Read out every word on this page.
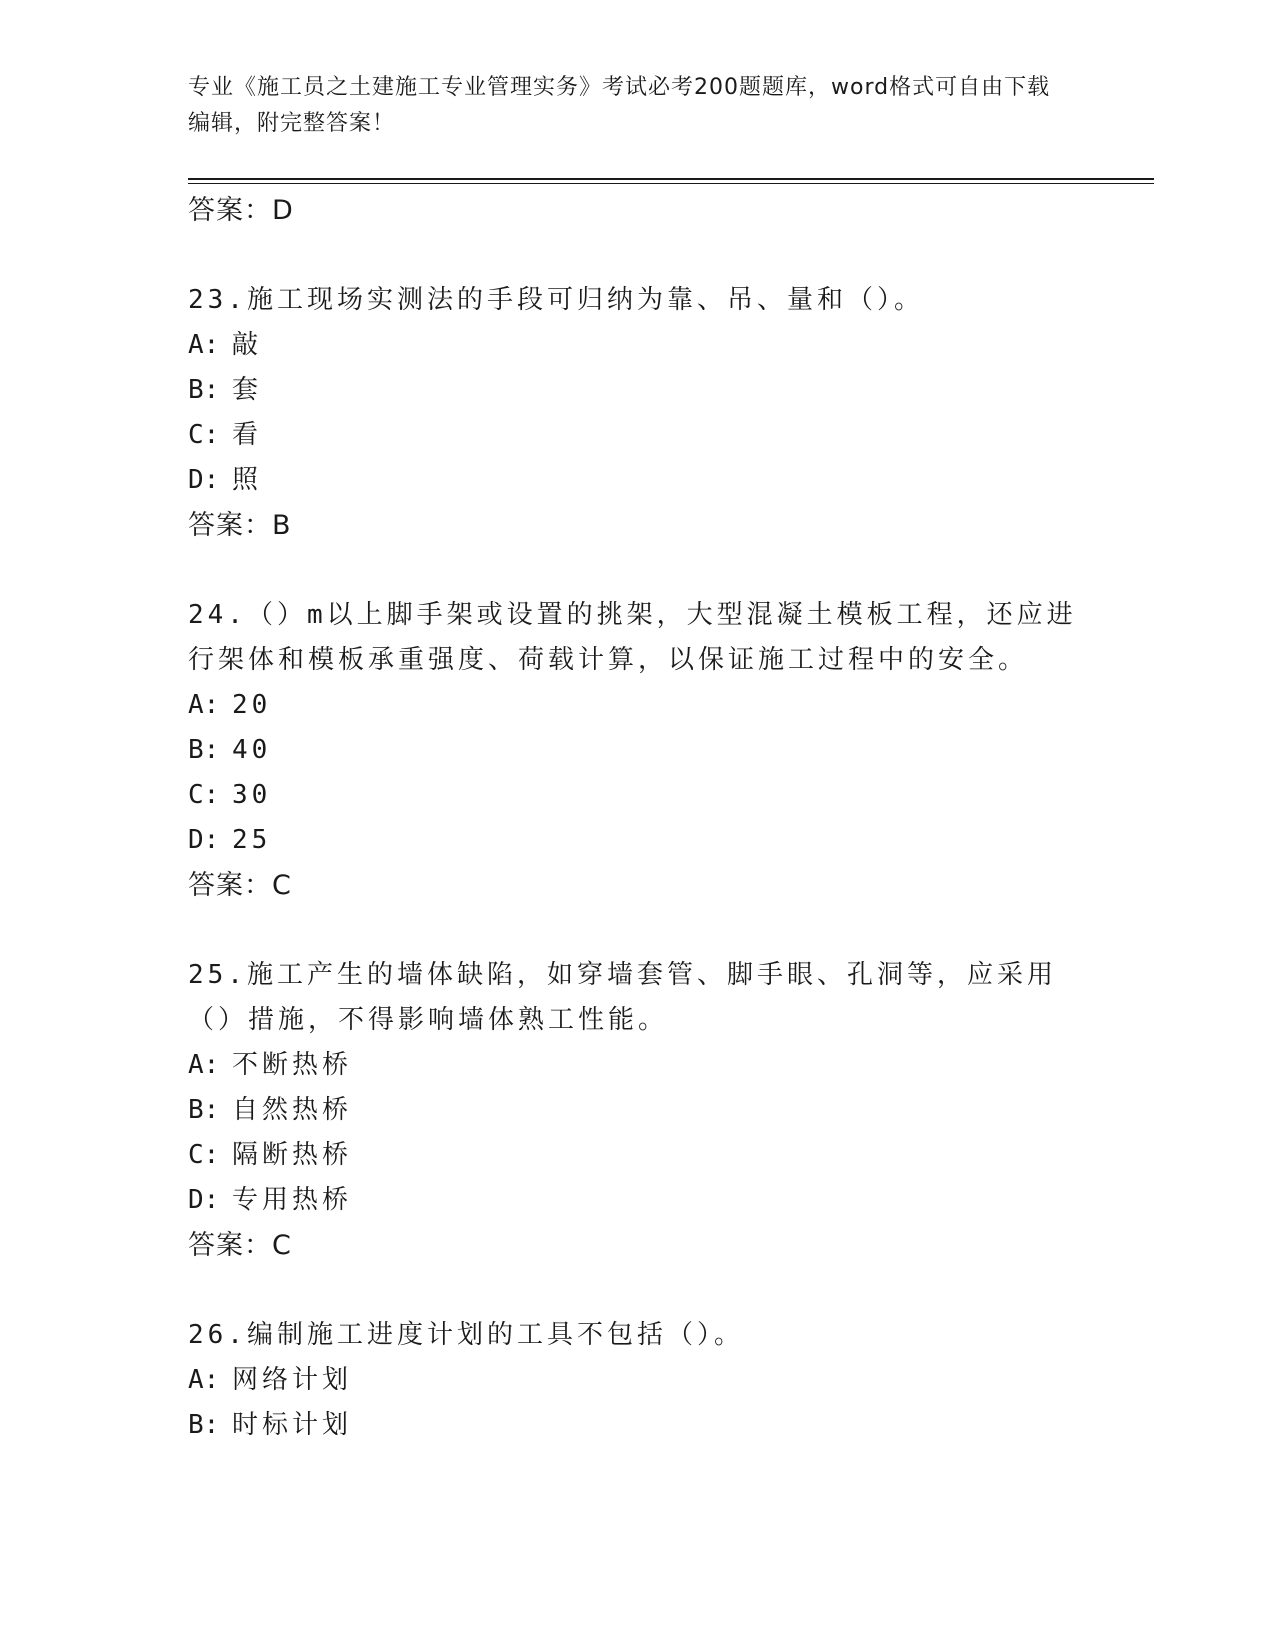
专业《施工员之土建施工专业管理实务》考试必考200题题库，word格式可自由下载编辑，附完整答案！
答案：D
23.施工现场实测法的手段可归纳为靠、吊、量和（）。
A: 敲
B: 套
C: 看
D: 照
答案：B
24.（）m以上脚手架或设置的挑架，大型混凝土模板工程，还应进行架体和模板承重强度、荷载计算，以保证施工过程中的安全。
A: 20
B: 40
C: 30
D: 25
答案：C
25.施工产生的墙体缺陷，如穿墙套管、脚手眼、孔洞等，应采用（）措施，不得影响墙体熟工性能。
A: 不断热桥
B: 自然热桥
C: 隔断热桥
D: 专用热桥
答案：C
26.编制施工进度计划的工具不包括（）。
A: 网络计划
B: 时标计划
